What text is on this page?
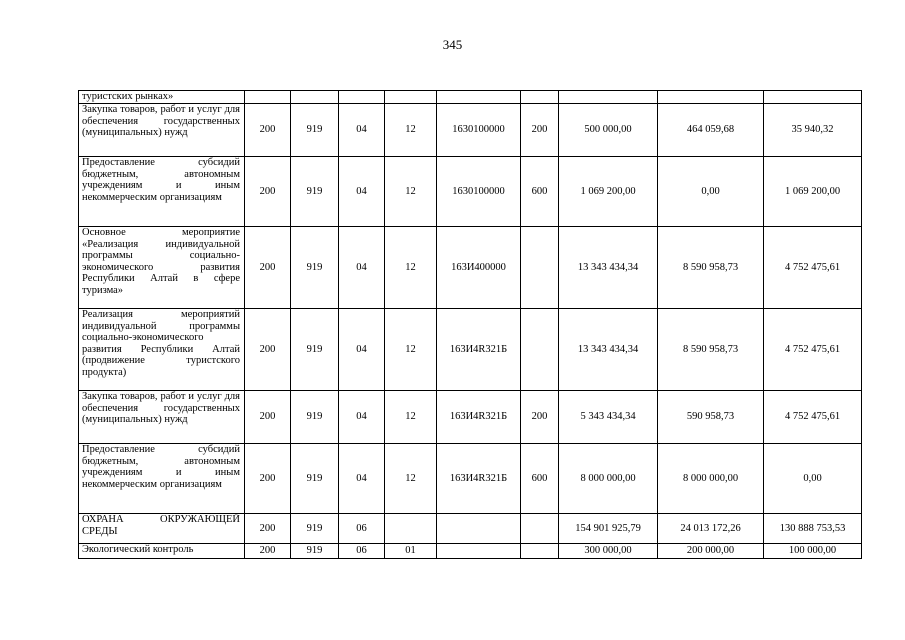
345
туристских рынках»									
Закупка товаров, работ и услуг для обеспечения государственных (муниципальных) нужд	200	919	04	12	1630100000	200	500 000,00	464 059,68	35 940,32
Предоставление субсидий бюджетным, автономным учреждениям и иным некоммерческим организациям	200	919	04	12	1630100000	600	1 069 200,00	0,00	1 069 200,00
Основное мероприятие «Реализация индивидуальной программы социально-экономического развития Республики Алтай в сфере туризма»	200	919	04	12	163И400000		13 343 434,34	8 590 958,73	4 752 475,61
Реализация мероприятий индивидуальной программы социально-экономического развития Республики Алтай (продвижение туристского продукта)	200	919	04	12	163И4R321Б		13 343 434,34	8 590 958,73	4 752 475,61
Закупка товаров, работ и услуг для обеспечения государственных (муниципальных) нужд	200	919	04	12	163И4R321Б	200	5 343 434,34	590 958,73	4 752 475,61
Предоставление субсидий бюджетным, автономным учреждениям и иным некоммерческим организациям	200	919	04	12	163И4R321Б	600	8 000 000,00	8 000 000,00	0,00
ОХРАНА ОКРУЖАЮЩЕЙ СРЕДЫ	200	919	06				154 901 925,79	24 013 172,26	130 888 753,53
Экологический контроль	200	919	06	01			300 000,00	200 000,00	100 000,00
